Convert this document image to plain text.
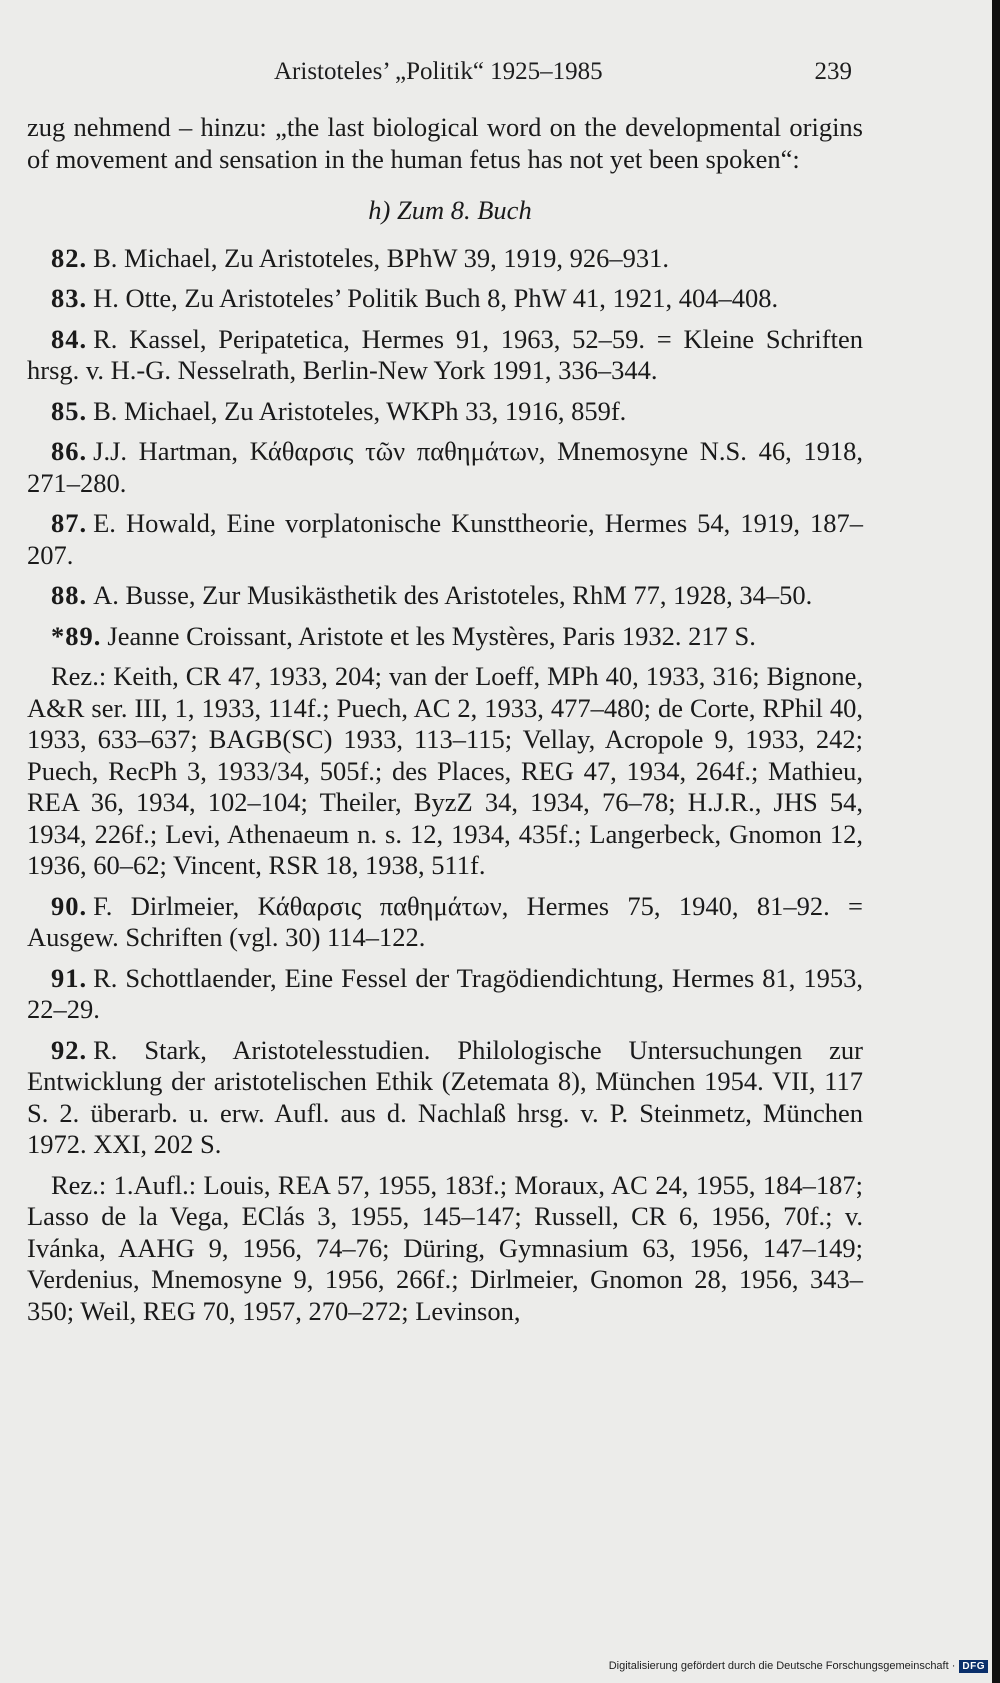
Aristoteles’ „Politik“ 1925–1985	239

zug nehmend – hinzu: „the last biological word on the developmental origins of movement and sensation in the human fetus has not yet been spoken“:

h) Zum 8. Buch

82. B. Michael, Zu Aristoteles, BPhW 39, 1919, 926–931.

83. H. Otte, Zu Aristoteles’ Politik Buch 8, PhW 41, 1921, 404–408.

84. R. Kassel, Peripatetica, Hermes 91, 1963, 52–59. = Kleine Schriften hrsg. v. H.-G. Nesselrath, Berlin-New York 1991, 336–344.

85. B. Michael, Zu Aristoteles, WKPh 33, 1916, 859f.

86. J.J. Hartman, Κάθαρσις τῶν παθημάτων, Mnemosyne N.S. 46, 1918, 271–280.

87. E. Howald, Eine vorplatonische Kunsttheorie, Hermes 54, 1919, 187–207.

88. A. Busse, Zur Musikästhetik des Aristoteles, RhM 77, 1928, 34–50.

*89. Jeanne Croissant, Aristote et les Mystères, Paris 1932. 217 S.

Rez.: Keith, CR 47, 1933, 204; van der Loeff, MPh 40, 1933, 316; Bignone, A&R ser. III, 1, 1933, 114f.; Puech, AC 2, 1933, 477–480; de Corte, RPhil 40, 1933, 633–637; BAGB(SC) 1933, 113–115; Vellay, Acropole 9, 1933, 242; Puech, RecPh 3, 1933/34, 505f.; des Places, REG 47, 1934, 264f.; Mathieu, REA 36, 1934, 102–104; Theiler, ByzZ 34, 1934, 76–78; H.J.R., JHS 54, 1934, 226f.; Levi, Athenaeum n. s. 12, 1934, 435f.; Langerbeck, Gnomon 12, 1936, 60–62; Vincent, RSR 18, 1938, 511f.

90. F. Dirlmeier, Κάθαρσις παθημάτων, Hermes 75, 1940, 81–92. = Ausgew. Schriften (vgl. 30) 114–122.

91. R. Schottlaender, Eine Fessel der Tragödiendichtung, Hermes 81, 1953, 22–29.

92. R. Stark, Aristotelesstudien. Philologische Untersuchungen zur Entwicklung der aristotelischen Ethik (Zetemata 8), München 1954. VII, 117 S. 2. überarb. u. erw. Aufl. aus d. Nachlaß hrsg. v. P. Steinmetz, München 1972. XXI, 202 S.

Rez.: 1.Aufl.: Louis, REA 57, 1955, 183f.; Moraux, AC 24, 1955, 184–187; Lasso de la Vega, EClás 3, 1955, 145–147; Russell, CR 6, 1956, 70f.; v. Ivánka, AAHG 9, 1956, 74–76; Düring, Gymnasium 63, 1956, 147–149; Verdenius, Mnemosyne 9, 1956, 266f.; Dirlmeier, Gnomon 28, 1956, 343–350; Weil, REG 70, 1957, 270–272; Levinson,

Digitalisierung gefördert durch die Deutsche Forschungsgemeinschaft · DFG
